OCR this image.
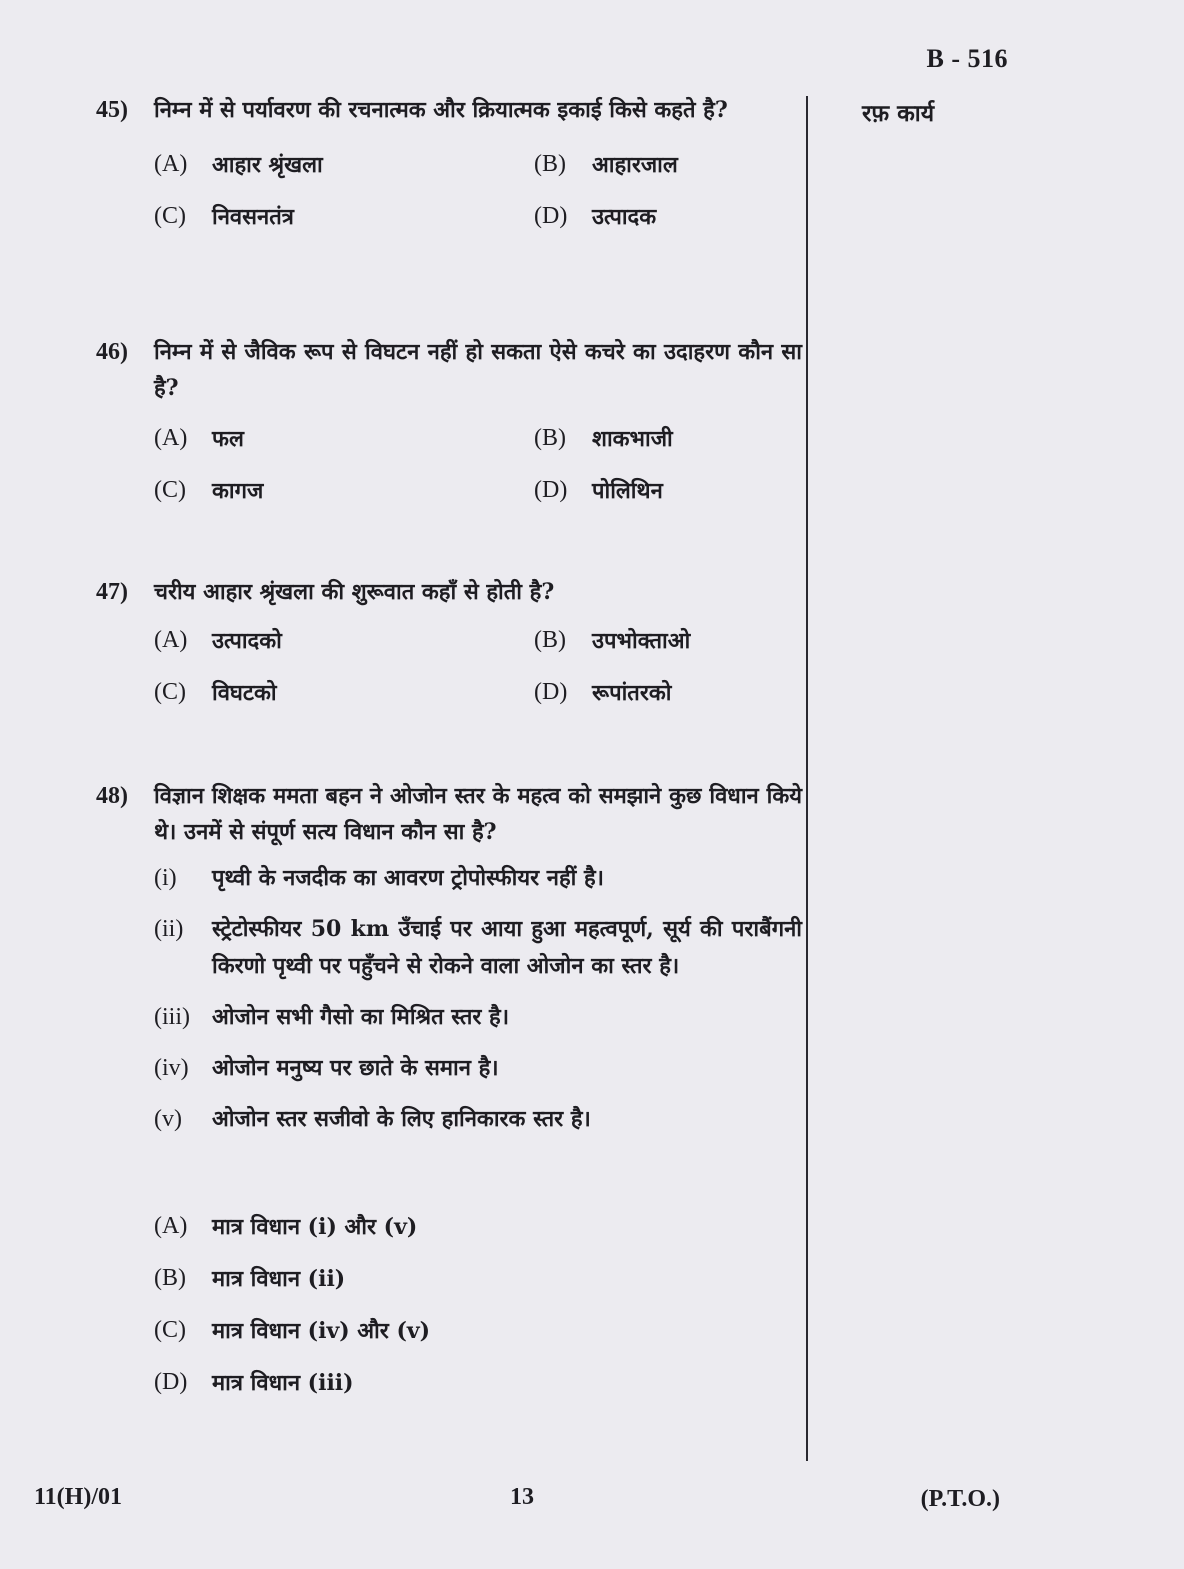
B - 516
रफ़ कार्य
45)	निम्न में से पर्यावरण की रचनात्मक और क्रियात्मक इकाई किसे कहते है?
(A)	आहार श्रृंखला	(B)	आहारजाल
(C)	निवसनतंत्र	(D)	उत्पादक
46)	निम्न में से जैविक रूप से विघटन नहीं हो सकता ऐसे कचरे का उदाहरण कौन सा है?
(A)	फल	(B)	शाकभाजी
(C)	कागज	(D)	पोलिथिन
47)	चरीय आहार श्रृंखला की शुरूवात कहाँ से होती है?
(A)	उत्पादको	(B)	उपभोक्ताओ
(C)	विघटको	(D)	रूपांतरको
48)	विज्ञान शिक्षक ममता बहन ने ओजोन स्तर के महत्व को समझाने कुछ विधान किये थे। उनमें से संपूर्ण सत्य विधान कौन सा है?
(i)	पृथ्वी के नजदीक का आवरण ट्रोपोस्फीयर नहीं है।
(ii)	स्ट्रेटोस्फीयर 50 km उँचाई पर आया हुआ महत्वपूर्ण, सूर्य की पराबैंगनी किरणो पृथ्वी पर पहुँचने से रोकने वाला ओजोन का स्तर है।
(iii)	ओजोन सभी गैसो का मिश्रित स्तर है।
(iv)	ओजोन मनुष्य पर छाते के समान है।
(v)	ओजोन स्तर सजीवो के लिए हानिकारक स्तर है।
(A)	मात्र विधान (i) और (v)
(B)	मात्र विधान (ii)
(C)	मात्र विधान (iv) और (v)
(D)	मात्र विधान (iii)
11(H)/01	13	(P.T.O.)
